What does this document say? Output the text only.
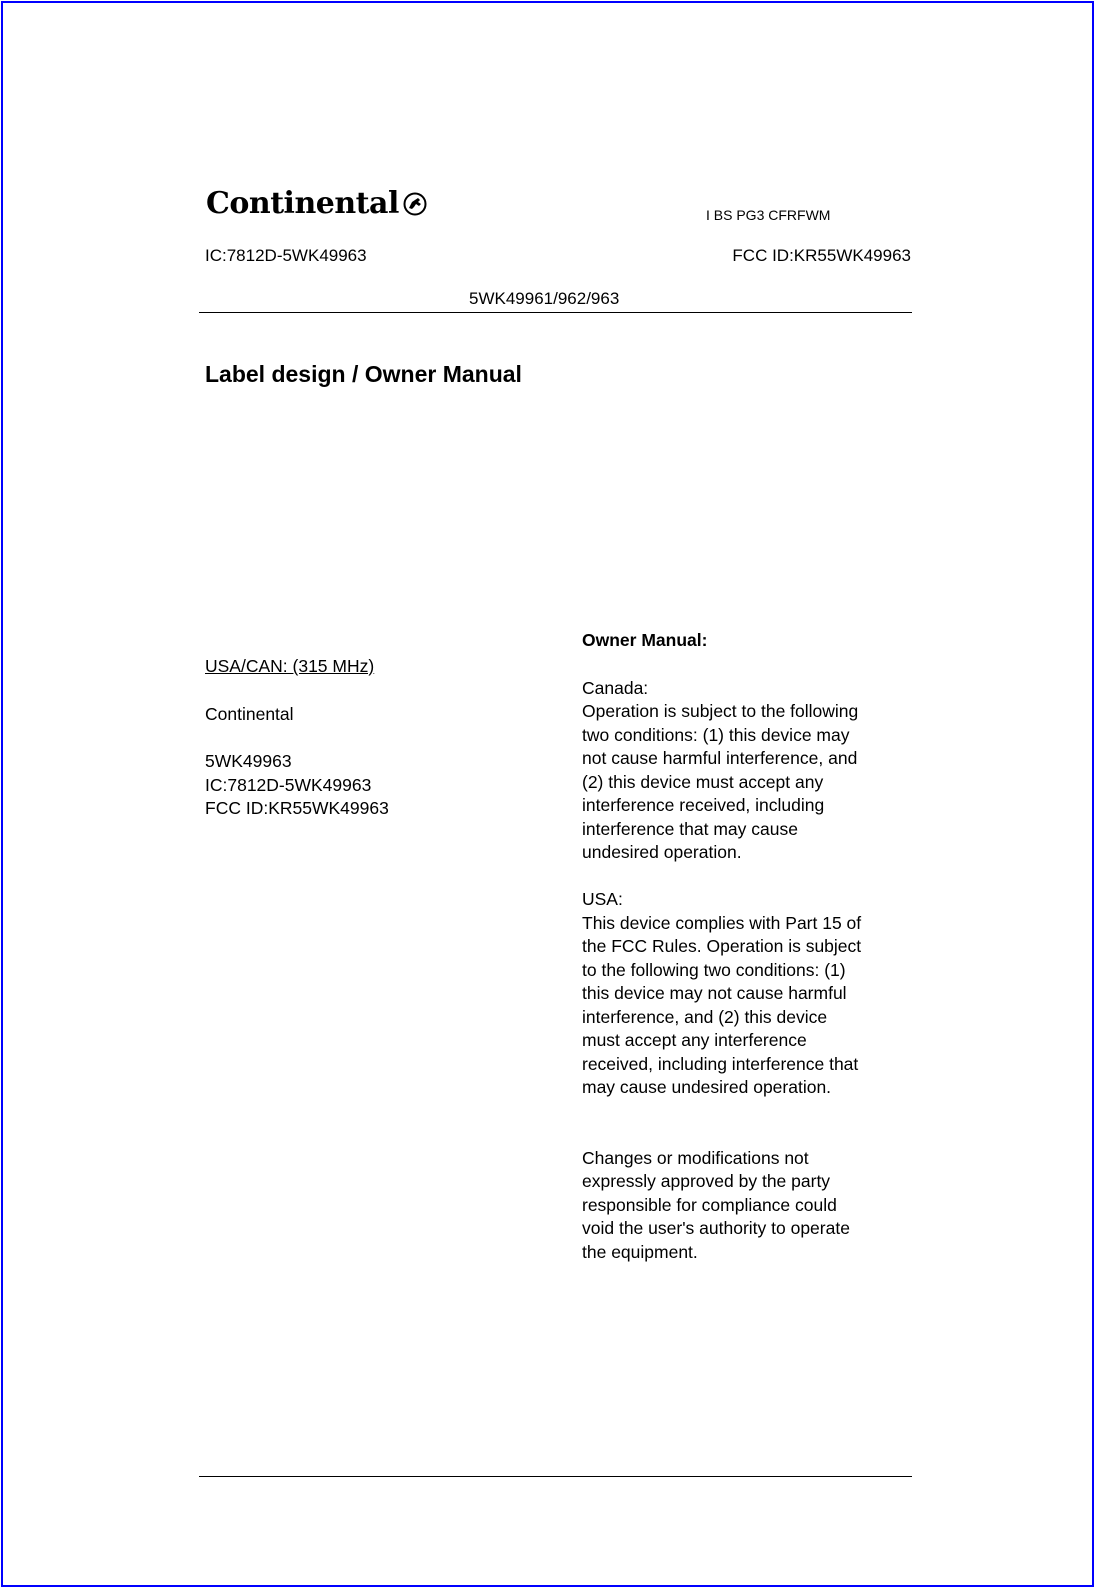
Continental	I BS PG3 CFRFWM

IC:7812D-5WK49963	FCC ID:KR55WK49963

5WK49961/962/963

Label design / Owner Manual

USA/CAN: (315 MHz)

Continental

5WK49963

IC:7812D-5WK49963

FCC ID:KR55WK49963

Owner Manual:

Canada:

Operation is subject to the following
two conditions: (1) this device may
not cause harmful interference, and
(2) this device must accept any
interference received, including
interference that may cause
undesired operation.

USA:

This device complies with Part 15 of
the FCC Rules. Operation is subject
to the following two conditions: (1)
this device may not cause harmful
interference, and (2) this device
must accept any interference
received, including interference that
may cause undesired operation.

Changes or modifications not
expressly approved by the party
responsible for compliance could
void the user's authority to operate
the equipment.
